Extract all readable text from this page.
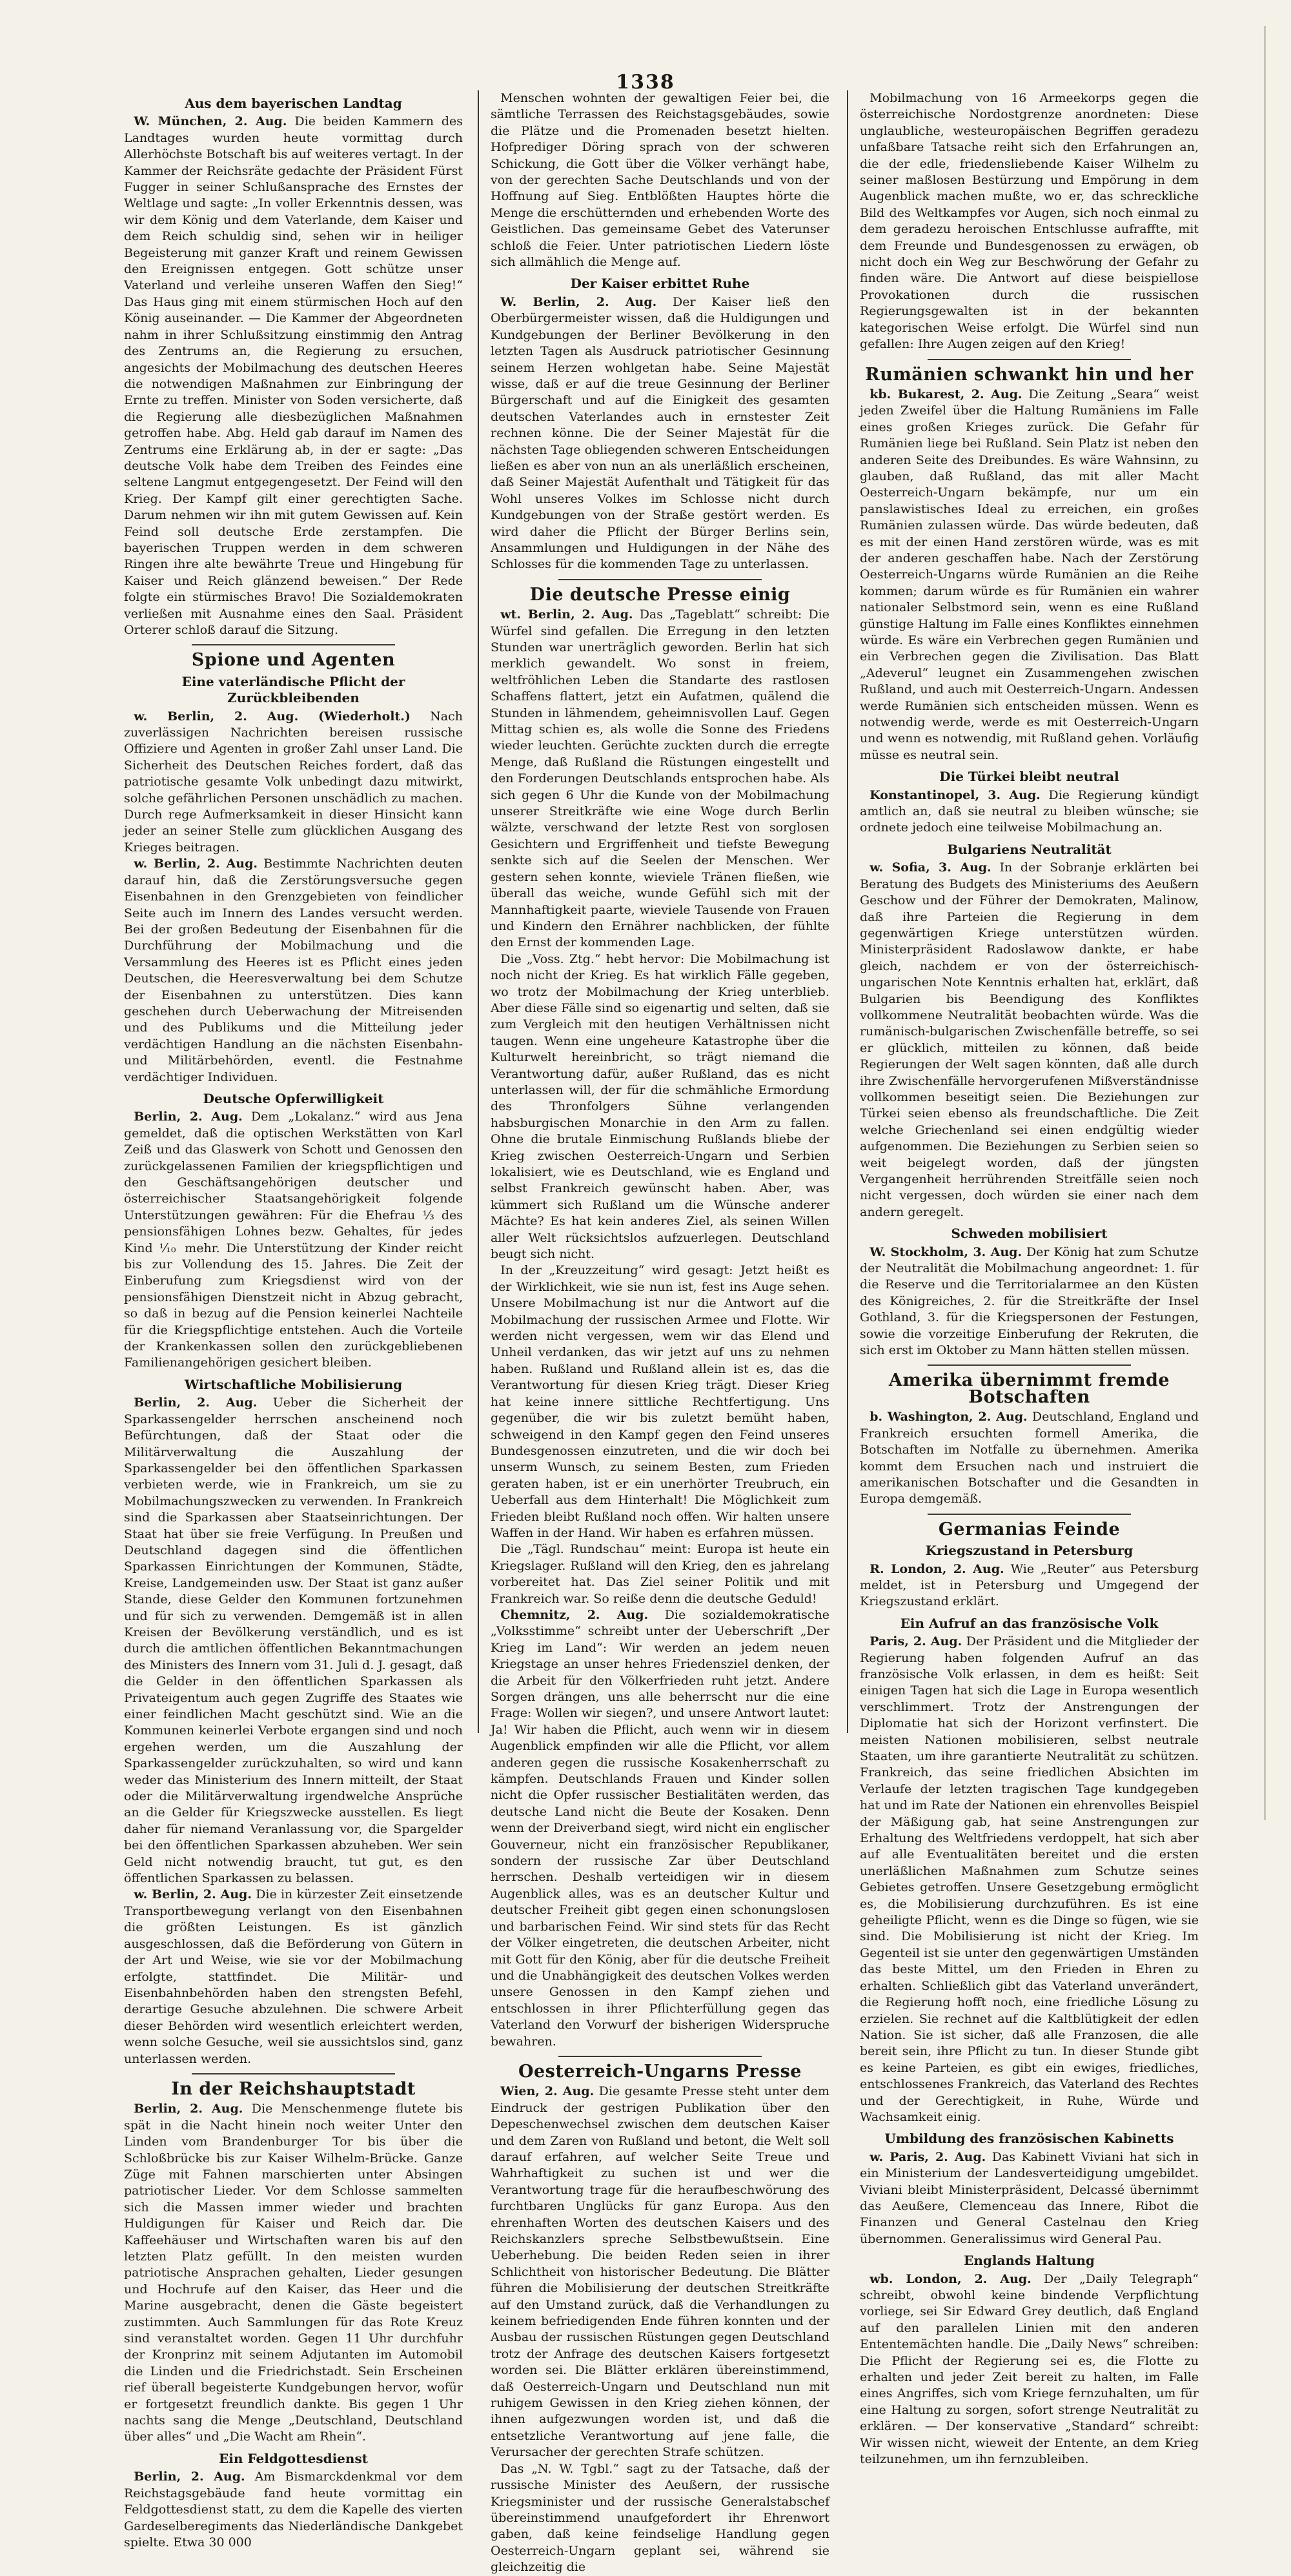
1338
Aus dem bayerischen Landtag

W. München, 2. Aug. Die beiden Kammern des Landtages wurden heute vormittag durch Allerhöchste Botschaft bis auf weiteres vertagt. In der Kammer der Reichsräte gedachte der Präsident Fürst Fugger in seiner Schlußansprache des Ernstes der Weltlage und sagte: „In voller Erkenntnis dessen, was wir dem König und dem Vaterlande, dem Kaiser und dem Reich schuldig sind, sehen wir in heiliger Begeisterung mit ganzer Kraft und reinem Gewissen den Ereignissen entgegen. Gott schütze unser Vaterland und verleihe unseren Waffen den Sieg!“ Das Haus ging mit einem stürmischen Hoch auf den König auseinander. — Die Kammer der Abgeordneten nahm in ihrer Schlußsitzung einstimmig den Antrag des Zentrums an, die Regierung zu ersuchen, angesichts der Mobilmachung des deutschen Heeres die notwendigen Maßnahmen zur Einbringung der Ernte zu treffen. Minister von Soden versicherte, daß die Regierung alle diesbezüglichen Maßnahmen getroffen habe. Abg. Held gab darauf im Namen des Zentrums eine Erklärung ab, in der er sagte: „Das deutsche Volk habe dem Treiben des Feindes eine seltene Langmut entgegengesetzt. Der Feind will den Krieg. Der Kampf gilt einer gerechtigten Sache. Darum nehmen wir ihn mit gutem Gewissen auf. Kein Feind soll deutsche Erde zerstampfen. Die bayerischen Truppen werden in dem schweren Ringen ihre alte bewährte Treue und Hingebung für Kaiser und Reich glänzend beweisen.“ Der Rede folgte ein stürmisches Bravo! Die Sozialdemokraten verließen mit Ausnahme eines den Saal. Präsident Orterer schloß darauf die Sitzung.

Spione und Agenten
Eine vaterländische Pflicht der Zurückbleibenden

w. Berlin, 2. Aug. (Wiederholt.) Nach zuverlässigen Nachrichten bereisen russische Offiziere und Agenten in großer Zahl unser Land. Die Sicherheit des Deutschen Reiches fordert, daß das patriotische gesamte Volk unbedingt dazu mitwirkt, solche gefährlichen Personen unschädlich zu machen. Durch rege Aufmerksamkeit in dieser Hinsicht kann jeder an seiner Stelle zum glücklichen Ausgang des Krieges beitragen.

w. Berlin, 2. Aug. Bestimmte Nachrichten deuten darauf hin, daß die Zerstörungsversuche gegen Eisenbahnen in den Grenzgebieten von feindlicher Seite auch im Innern des Landes versucht werden. Bei der großen Bedeutung der Eisenbahnen für die Durchführung der Mobilmachung und die Versammlung des Heeres ist es Pflicht eines jeden Deutschen, die Heeresverwaltung bei dem Schutze der Eisenbahnen zu unterstützen. Dies kann geschehen durch Ueberwachung der Mitreisenden und des Publikums und die Mitteilung jeder verdächtigen Handlung an die nächsten Eisenbahn- und Militärbehörden, eventl. die Festnahme verdächtiger Individuen.

Deutsche Opferwilligkeit

Berlin, 2. Aug. Dem „Lokalanz.“ wird aus Jena gemeldet, daß die optischen Werkstätten von Karl Zeiß und das Glaswerk von Schott und Genossen den zurückgelassenen Familien der kriegspflichtigen und den Geschäftsangehörigen deutscher und österreichischer Staatsangehörigkeit folgende Unterstützungen gewähren: Für die Ehefrau ⅓ des pensionsfähigen Lohnes bezw. Gehaltes, für jedes Kind ⅒ mehr. Die Unterstützung der Kinder reicht bis zur Vollendung des 15. Jahres. Die Zeit der Einberufung zum Kriegsdienst wird von der pensionsfähigen Dienstzeit nicht in Abzug gebracht, so daß in bezug auf die Pension keinerlei Nachteile für die Kriegspflichtige entstehen. Auch die Vorteile der Krankenkassen sollen den zurückgebliebenen Familienangehörigen gesichert bleiben.

Wirtschaftliche Mobilisierung

Berlin, 2. Aug. Ueber die Sicherheit der Sparkassengelder herrschen anscheinend noch Befürchtungen, daß der Staat oder die Militärverwaltung die Auszahlung der Sparkassengelder bei den öffentlichen Sparkassen verbieten werde, wie in Frankreich, um sie zu Mobilmachungszwecken zu verwenden. In Frankreich sind die Sparkassen aber Staatseinrichtungen. Der Staat hat über sie freie Verfügung. In Preußen und Deutschland dagegen sind die öffentlichen Sparkassen Einrichtungen der Kommunen, Städte, Kreise, Landgemeinden usw. Der Staat ist ganz außer Stande, diese Gelder den Kommunen fortzunehmen und für sich zu verwenden. Demgemäß ist in allen Kreisen der Bevölkerung verständlich, und es ist durch die amtlichen öffentlichen Bekanntmachungen des Ministers des Innern vom 31. Juli d. J. gesagt, daß die Gelder in den öffentlichen Sparkassen als Privateigentum auch gegen Zugriffe des Staates wie einer feindlichen Macht geschützt sind. Wie an die Kommunen keinerlei Verbote ergangen sind und noch ergehen werden, um die Auszahlung der Sparkassengelder zurückzuhalten, so wird und kann weder das Ministerium des Innern mitteilt, der Staat oder die Militärverwaltung irgendwelche Ansprüche an die Gelder für Kriegszwecke ausstellen. Es liegt daher für niemand Veranlassung vor, die Spargelder bei den öffentlichen Sparkassen abzuheben. Wer sein Geld nicht notwendig braucht, tut gut, es den öffentlichen Sparkassen zu belassen.

w. Berlin, 2. Aug. Die in kürzester Zeit einsetzende Transportbewegung verlangt von den Eisenbahnen die größten Leistungen. Es ist gänzlich ausgeschlossen, daß die Beförderung von Gütern in der Art und Weise, wie sie vor der Mobilmachung erfolgte, stattfindet. Die Militär- und Eisenbahnbehörden haben den strengsten Befehl, derartige Gesuche abzulehnen. Die schwere Arbeit dieser Behörden wird wesentlich erleichtert werden, wenn solche Gesuche, weil sie aussichtslos sind, ganz unterlassen werden.

In der Reichshauptstadt

Berlin, 2. Aug. Die Menschenmenge flutete bis spät in die Nacht hinein noch weiter Unter den Linden vom Brandenburger Tor bis über die Schloßbrücke bis zur Kaiser Wilhelm-Brücke. Ganze Züge mit Fahnen marschierten unter Absingen patriotischer Lieder. Vor dem Schlosse sammelten sich die Massen immer wieder und brachten Huldigungen für Kaiser und Reich dar. Die Kaffeehäuser und Wirtschaften waren bis auf den letzten Platz gefüllt. In den meisten wurden patriotische Ansprachen gehalten, Lieder gesungen und Hochrufe auf den Kaiser, das Heer und die Marine ausgebracht, denen die Gäste begeistert zustimmten. Auch Sammlungen für das Rote Kreuz sind veranstaltet worden. Gegen 11 Uhr durchfuhr der Kronprinz mit seinem Adjutanten im Automobil die Linden und die Friedrichstadt. Sein Erscheinen rief überall begeisterte Kundgebungen hervor, wofür er fortgesetzt freundlich dankte. Bis gegen 1 Uhr nachts sang die Menge „Deutschland, Deutschland über alles“ und „Die Wacht am Rhein“.

Ein Feldgottesdienst

Berlin, 2. Aug. Am Bismarckdenkmal vor dem Reichstagsgebäude fand heute vormittag ein Feldgottesdienst statt, zu dem die Kapelle des vierten Gardeselberegiments das Niederländische Dankgebet spielte. Etwa 30 000

Menschen wohnten der gewaltigen Feier bei, die sämtliche Terrassen des Reichstagsgebäudes, sowie die Plätze und die Promenaden besetzt hielten. Hofprediger Döring sprach von der schweren Schickung, die Gott über die Völker verhängt habe, von der gerechten Sache Deutschlands und von der Hoffnung auf Sieg. Entblößten Hauptes hörte die Menge die erschütternden und erhebenden Worte des Geistlichen. Das gemeinsame Gebet des Vaterunser schloß die Feier. Unter patriotischen Liedern löste sich allmählich die Menge auf.

Der Kaiser erbittet Ruhe

W. Berlin, 2. Aug. Der Kaiser ließ den Oberbürgermeister wissen, daß die Huldigungen und Kundgebungen der Berliner Bevölkerung in den letzten Tagen als Ausdruck patriotischer Gesinnung seinem Herzen wohlgetan habe. Seine Majestät wisse, daß er auf die treue Gesinnung der Berliner Bürgerschaft und auf die Einigkeit des gesamten deutschen Vaterlandes auch in ernstester Zeit rechnen könne. Die der Seiner Majestät für die nächsten Tage obliegenden schweren Entscheidungen ließen es aber von nun an als unerläßlich erscheinen, daß Seiner Majestät Aufenthalt und Tätigkeit für das Wohl unseres Volkes im Schlosse nicht durch Kundgebungen von der Straße gestört werden. Es wird daher die Pflicht der Bürger Berlins sein, Ansammlungen und Huldigungen in der Nähe des Schlosses für die kommenden Tage zu unterlassen.

Die deutsche Presse einig

wt. Berlin, 2. Aug. Das „Tageblatt“ schreibt: Die Würfel sind gefallen. Die Erregung in den letzten Stunden war unerträglich geworden. Berlin hat sich merklich gewandelt. Wo sonst in freiem, weltfröhlichen Leben die Standarte des rastlosen Schaffens flattert, jetzt ein Aufatmen, quälend die Stunden in lähmendem, geheimnisvollen Lauf. Gegen Mittag schien es, als wolle die Sonne des Friedens wieder leuchten. Gerüchte zuckten durch die erregte Menge, daß Rußland die Rüstungen eingestellt und den Forderungen Deutschlands entsprochen habe. Als sich gegen 6 Uhr die Kunde von der Mobilmachung unserer Streitkräfte wie eine Woge durch Berlin wälzte, verschwand der letzte Rest von sorglosen Gesichtern und Ergriffenheit und tiefste Bewegung senkte sich auf die Seelen der Menschen. Wer gestern sehen konnte, wieviele Tränen fließen, wie überall das weiche, wunde Gefühl sich mit der Mannhaftigkeit paarte, wieviele Tausende von Frauen und Kindern den Ernährer nachblicken, der fühlte den Ernst der kommenden Lage.

Die „Voss. Ztg.“ hebt hervor: Die Mobilmachung ist noch nicht der Krieg. Es hat wirklich Fälle gegeben, wo trotz der Mobilmachung der Krieg unterblieb. Aber diese Fälle sind so eigenartig und selten, daß sie zum Vergleich mit den heutigen Verhältnissen nicht taugen. Wenn eine ungeheure Katastrophe über die Kulturwelt hereinbricht, so trägt niemand die Verantwortung dafür, außer Rußland, das es nicht unterlassen will, der für die schmähliche Ermordung des Thronfolgers Sühne verlangenden habsburgischen Monarchie in den Arm zu fallen. Ohne die brutale Einmischung Rußlands bliebe der Krieg zwischen Oesterreich-Ungarn und Serbien lokalisiert, wie es Deutschland, wie es England und selbst Frankreich gewünscht haben. Aber, was kümmert sich Rußland um die Wünsche anderer Mächte? Es hat kein anderes Ziel, als seinen Willen aller Welt rücksichtslos aufzuerlegen. Deutschland beugt sich nicht.

In der „Kreuzzeitung“ wird gesagt: Jetzt heißt es der Wirklichkeit, wie sie nun ist, fest ins Auge sehen. Unsere Mobilmachung ist nur die Antwort auf die Mobilmachung der russischen Armee und Flotte. Wir werden nicht vergessen, wem wir das Elend und Unheil verdanken, das wir jetzt auf uns zu nehmen haben. Rußland und Rußland allein ist es, das die Verantwortung für diesen Krieg trägt. Dieser Krieg hat keine innere sittliche Rechtfertigung. Uns gegenüber, die wir bis zuletzt bemüht haben, schweigend in den Kampf gegen den Feind unseres Bundesgenossen einzutreten, und die wir doch bei unserm Wunsch, zu seinem Besten, zum Frieden geraten haben, ist er ein unerhörter Treubruch, ein Ueberfall aus dem Hinterhalt! Die Möglichkeit zum Frieden bleibt Rußland noch offen. Wir halten unsere Waffen in der Hand. Wir haben es erfahren müssen.

Die „Tägl. Rundschau“ meint: Europa ist heute ein Kriegslager. Rußland will den Krieg, den es jahrelang vorbereitet hat. Das Ziel seiner Politik und mit Frankreich war. So reiße denn die deutsche Geduld!

Chemnitz, 2. Aug. Die sozialdemokratische „Volksstimme“ schreibt unter der Ueberschrift „Der Krieg im Land“: Wir werden an jedem neuen Kriegstage an unser hehres Friedensziel denken, der die Arbeit für den Völkerfrieden ruht jetzt. Andere Sorgen drängen, uns alle beherrscht nur die eine Frage: Wollen wir siegen?, und unsere Antwort lautet: Ja! Wir haben die Pflicht, auch wenn wir in diesem Augenblick empfinden wir alle die Pflicht, vor allem anderen gegen die russische Kosakenherrschaft zu kämpfen. Deutschlands Frauen und Kinder sollen nicht die Opfer russischer Bestialitäten werden, das deutsche Land nicht die Beute der Kosaken. Denn wenn der Dreiverband siegt, wird nicht ein englischer Gouverneur, nicht ein französischer Republikaner, sondern der russische Zar über Deutschland herrschen. Deshalb verteidigen wir in diesem Augenblick alles, was es an deutscher Kultur und deutscher Freiheit gibt gegen einen schonungslosen und barbarischen Feind. Wir sind stets für das Recht der Völker eingetreten, die deutschen Arbeiter, nicht mit Gott für den König, aber für die deutsche Freiheit und die Unabhängigkeit des deutschen Volkes werden unsere Genossen in den Kampf ziehen und entschlossen in ihrer Pflichterfüllung gegen das Vaterland den Vorwurf der bisherigen Widerspruche bewahren.

Oesterreich-Ungarns Presse

Wien, 2. Aug. Die gesamte Presse steht unter dem Eindruck der gestrigen Publikation über den Depeschenwechsel zwischen dem deutschen Kaiser und dem Zaren von Rußland und betont, die Welt soll darauf erfahren, auf welcher Seite Treue und Wahrhaftigkeit zu suchen ist und wer die Verantwortung trage für die heraufbeschwörung des furchtbaren Unglücks für ganz Europa. Aus den ehrenhaften Worten des deutschen Kaisers und des Reichskanzlers spreche Selbstbewußtsein. Eine Ueberhebung. Die beiden Reden seien in ihrer Schlichtheit von historischer Bedeutung. Die Blätter führen die Mobilisierung der deutschen Streitkräfte auf den Umstand zurück, daß die Verhandlungen zu keinem befriedigenden Ende führen konnten und der Ausbau der russischen Rüstungen gegen Deutschland trotz der Anfrage des deutschen Kaisers fortgesetzt worden sei. Die Blätter erklären übereinstimmend, daß Oesterreich-Ungarn und Deutschland nun mit ruhigem Gewissen in den Krieg ziehen können, der ihnen aufgezwungen worden ist, und daß die entsetzliche Verantwortung auf jene falle, die Verursacher der gerechten Strafe schützen.

Das „N. W. Tgbl.“ sagt zu der Tatsache, daß der russische Minister des Aeußern, der russische Kriegsminister und der russische Generalstabschef übereinstimmend unaufgefordert ihr Ehrenwort gaben, daß keine feindselige Handlung gegen Oesterreich-Ungarn geplant sei, während sie gleichzeitig die

Mobilmachung von 16 Armeekorps gegen die österreichische Nordostgrenze anordneten: Diese unglaubliche, westeuropäischen Begriffen geradezu unfaßbare Tatsache reiht sich den Erfahrungen an, die der edle, friedensliebende Kaiser Wilhelm zu seiner maßlosen Bestürzung und Empörung in dem Augenblick machen mußte, wo er, das schreckliche Bild des Weltkampfes vor Augen, sich noch einmal zu dem geradezu heroischen Entschlusse aufraffte, mit dem Freunde und Bundesgenossen zu erwägen, ob nicht doch ein Weg zur Beschwörung der Gefahr zu finden wäre. Die Antwort auf diese beispiellose Provokationen durch die russischen Regierungsgewalten ist in der bekannten kategorischen Weise erfolgt. Die Würfel sind nun gefallen: Ihre Augen zeigen auf den Krieg!

Rumänien schwankt hin und her

kb. Bukarest, 2. Aug. Die Zeitung „Seara“ weist jeden Zweifel über die Haltung Rumäniens im Falle eines großen Krieges zurück. Die Gefahr für Rumänien liege bei Rußland. Sein Platz ist neben den anderen Seite des Dreibundes. Es wäre Wahnsinn, zu glauben, daß Rußland, das mit aller Macht Oesterreich-Ungarn bekämpfe, nur um ein panslawistisches Ideal zu erreichen, ein großes Rumänien zulassen würde. Das würde bedeuten, daß es mit der einen Hand zerstören würde, was es mit der anderen geschaffen habe. Nach der Zerstörung Oesterreich-Ungarns würde Rumänien an die Reihe kommen; darum würde es für Rumänien ein wahrer nationaler Selbstmord sein, wenn es eine Rußland günstige Haltung im Falle eines Konfliktes einnehmen würde. Es wäre ein Verbrechen gegen Rumänien und ein Verbrechen gegen die Zivilisation. Das Blatt „Adeverul“ leugnet ein Zusammengehen zwischen Rußland, und auch mit Oesterreich-Ungarn. Andessen werde Rumänien sich entscheiden müssen. Wenn es notwendig werde, werde es mit Oesterreich-Ungarn und wenn es notwendig, mit Rußland gehen. Vorläufig müsse es neutral sein.

Die Türkei bleibt neutral

Konstantinopel, 3. Aug. Die Regierung kündigt amtlich an, daß sie neutral zu bleiben wünsche; sie ordnete jedoch eine teilweise Mobilmachung an.

Bulgariens Neutralität

w. Sofia, 3. Aug. In der Sobranje erklärten bei Beratung des Budgets des Ministeriums des Aeußern Geschow und der Führer der Demokraten, Malinow, daß ihre Parteien die Regierung in dem gegenwärtigen Kriege unterstützen würden. Ministerpräsident Radoslawow dankte, er habe gleich, nachdem er von der österreichisch-ungarischen Note Kenntnis erhalten hat, erklärt, daß Bulgarien bis Beendigung des Konfliktes vollkommene Neutralität beobachten würde. Was die rumänisch-bulgarischen Zwischenfälle betreffe, so sei er glücklich, mitteilen zu können, daß beide Regierungen der Welt sagen könnten, daß alle durch ihre Zwischenfälle hervorgerufenen Mißverständnisse vollkommen beseitigt seien. Die Beziehungen zur Türkei seien ebenso als freundschaftliche. Die Zeit welche Griechenland sei einen endgültig wieder aufgenommen. Die Beziehungen zu Serbien seien so weit beigelegt worden, daß der jüngsten Vergangenheit herrührenden Streitfälle seien noch nicht vergessen, doch würden sie einer nach dem andern geregelt.

Schweden mobilisiert

W. Stockholm, 3. Aug. Der König hat zum Schutze der Neutralität die Mobilmachung angeordnet: 1. für die Reserve und die Territorialarmee an den Küsten des Königreiches, 2. für die Streitkräfte der Insel Gothland, 3. für die Kriegspersonen der Festungen, sowie die vorzeitige Einberufung der Rekruten, die sich erst im Oktober zu Mann hätten stellen müssen.

Amerika übernimmt fremde Botschaften

b. Washington, 2. Aug. Deutschland, England und Frankreich ersuchten formell Amerika, die Botschaften im Notfalle zu übernehmen. Amerika kommt dem Ersuchen nach und instruiert die amerikanischen Botschafter und die Gesandten in Europa demgemäß.

Germanias Feinde
Kriegszustand in Petersburg

R. London, 2. Aug. Wie „Reuter“ aus Petersburg meldet, ist in Petersburg und Umgegend der Kriegszustand erklärt.

Ein Aufruf an das französische Volk

Paris, 2. Aug. Der Präsident und die Mitglieder der Regierung haben folgenden Aufruf an das französische Volk erlassen, in dem es heißt: Seit einigen Tagen hat sich die Lage in Europa wesentlich verschlimmert. Trotz der Anstrengungen der Diplomatie hat sich der Horizont verfinstert. Die meisten Nationen mobilisieren, selbst neutrale Staaten, um ihre garantierte Neutralität zu schützen. Frankreich, das seine friedlichen Absichten im Verlaufe der letzten tragischen Tage kundgegeben hat und im Rate der Nationen ein ehrenvolles Beispiel der Mäßigung gab, hat seine Anstrengungen zur Erhaltung des Weltfriedens verdoppelt, hat sich aber auf alle Eventualitäten bereitet und die ersten unerläßlichen Maßnahmen zum Schutze seines Gebietes getroffen. Unsere Gesetzgebung ermöglicht es, die Mobilisierung durchzuführen. Es ist eine geheiligte Pflicht, wenn es die Dinge so fügen, wie sie sind. Die Mobilisierung ist nicht der Krieg. Im Gegenteil ist sie unter den gegenwärtigen Umständen das beste Mittel, um den Frieden in Ehren zu erhalten. Schließlich gibt das Vaterland unverändert, die Regierung hofft noch, eine friedliche Lösung zu erzielen. Sie rechnet auf die Kaltblütigkeit der edlen Nation. Sie ist sicher, daß alle Franzosen, die alle bereit sein, ihre Pflicht zu tun. In dieser Stunde gibt es keine Parteien, es gibt ein ewiges, friedliches, entschlossenes Frankreich, das Vaterland des Rechtes und der Gerechtigkeit, in Ruhe, Würde und Wachsamkeit einig.

Umbildung des französischen Kabinetts

w. Paris, 2. Aug. Das Kabinett Viviani hat sich in ein Ministerium der Landesverteidigung umgebildet. Viviani bleibt Ministerpräsident, Delcassé übernimmt das Aeußere, Clemenceau das Innere, Ribot die Finanzen und General Castelnau den Krieg übernommen. Generalissimus wird General Pau.

Englands Haltung

wb. London, 2. Aug. Der „Daily Telegraph“ schreibt, obwohl keine bindende Verpflichtung vorliege, sei Sir Edward Grey deutlich, daß England auf den parallelen Linien mit den anderen Ententemächten handle. Die „Daily News“ schreiben: Die Pflicht der Regierung sei es, die Flotte zu erhalten und jeder Zeit bereit zu halten, im Falle eines Angriffes, sich vom Kriege fernzuhalten, um für eine Haltung zu sorgen, sofort strenge Neutralität zu erklären. — Der konservative „Standard“ schreibt: Wir wissen nicht, wieweit der Entente, an dem Krieg teilzunehmen, um ihn fernzubleiben.
